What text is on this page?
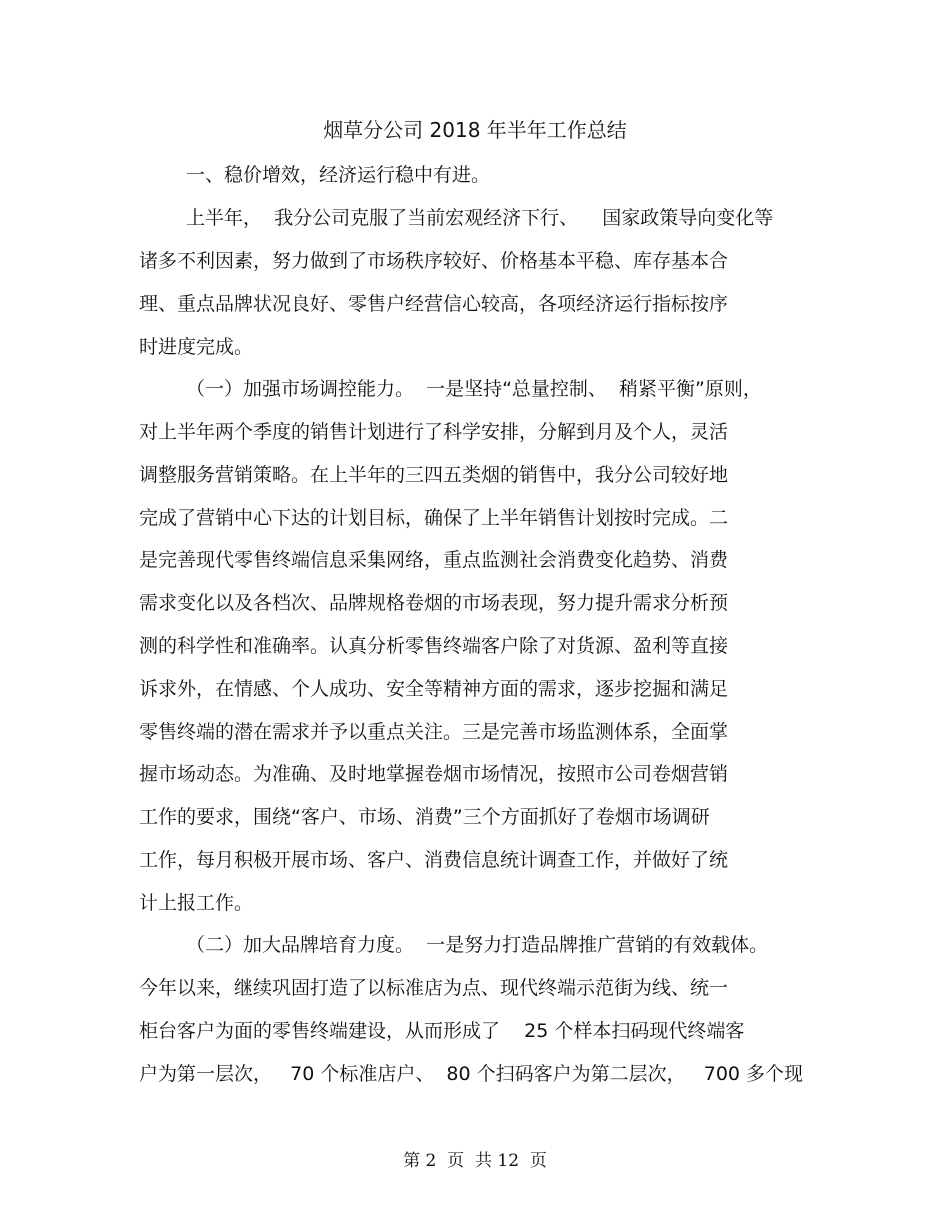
烟草分公司 2018 年半年工作总结
一、稳价增效，经济运行稳中有进。
上半年，  我分公司克服了当前宏观经济下行、    国家政策导向变化等
诸多不利因素，努力做到了市场秩序较好、价格基本平稳、库存基本合
理、重点品牌状况良好、零售户经营信心较高，各项经济运行指标按序
时进度完成。
（一）加强市场调控能力。  一是坚持“总量控制、  稍紧平衡”原则，
对上半年两个季度的销售计划进行了科学安排，分解到月及个人，灵活
调整服务营销策略。在上半年的三四五类烟的销售中，我分公司较好地
完成了营销中心下达的计划目标，确保了上半年销售计划按时完成。二
是完善现代零售终端信息采集网络，重点监测社会消费变化趋势、消费
需求变化以及各档次、品牌规格卷烟的市场表现，努力提升需求分析预
测的科学性和准确率。认真分析零售终端客户除了对货源、盈利等直接
诉求外，在情感、个人成功、安全等精神方面的需求，逐步挖掘和满足
零售终端的潜在需求并予以重点关注。三是完善市场监测体系，全面掌
握市场动态。为准确、及时地掌握卷烟市场情况，按照市公司卷烟营销
工作的要求，围绕“客户、市场、消费”三个方面抓好了卷烟市场调研
工作，每月积极开展市场、客户、消费信息统计调查工作，并做好了统
计上报工作。
（二）加大品牌培育力度。  一是努力打造品牌推广营销的有效载体。
今年以来，继续巩固打造了以标准店为点、现代终端示范街为线、统一
柜台客户为面的零售终端建设，从而形成了    25 个样本扫码现代终端客
户为第一层次，   70 个标准店户、  80 个扫码客户为第二层次，   700 多个现
第 2  页  共 12  页
